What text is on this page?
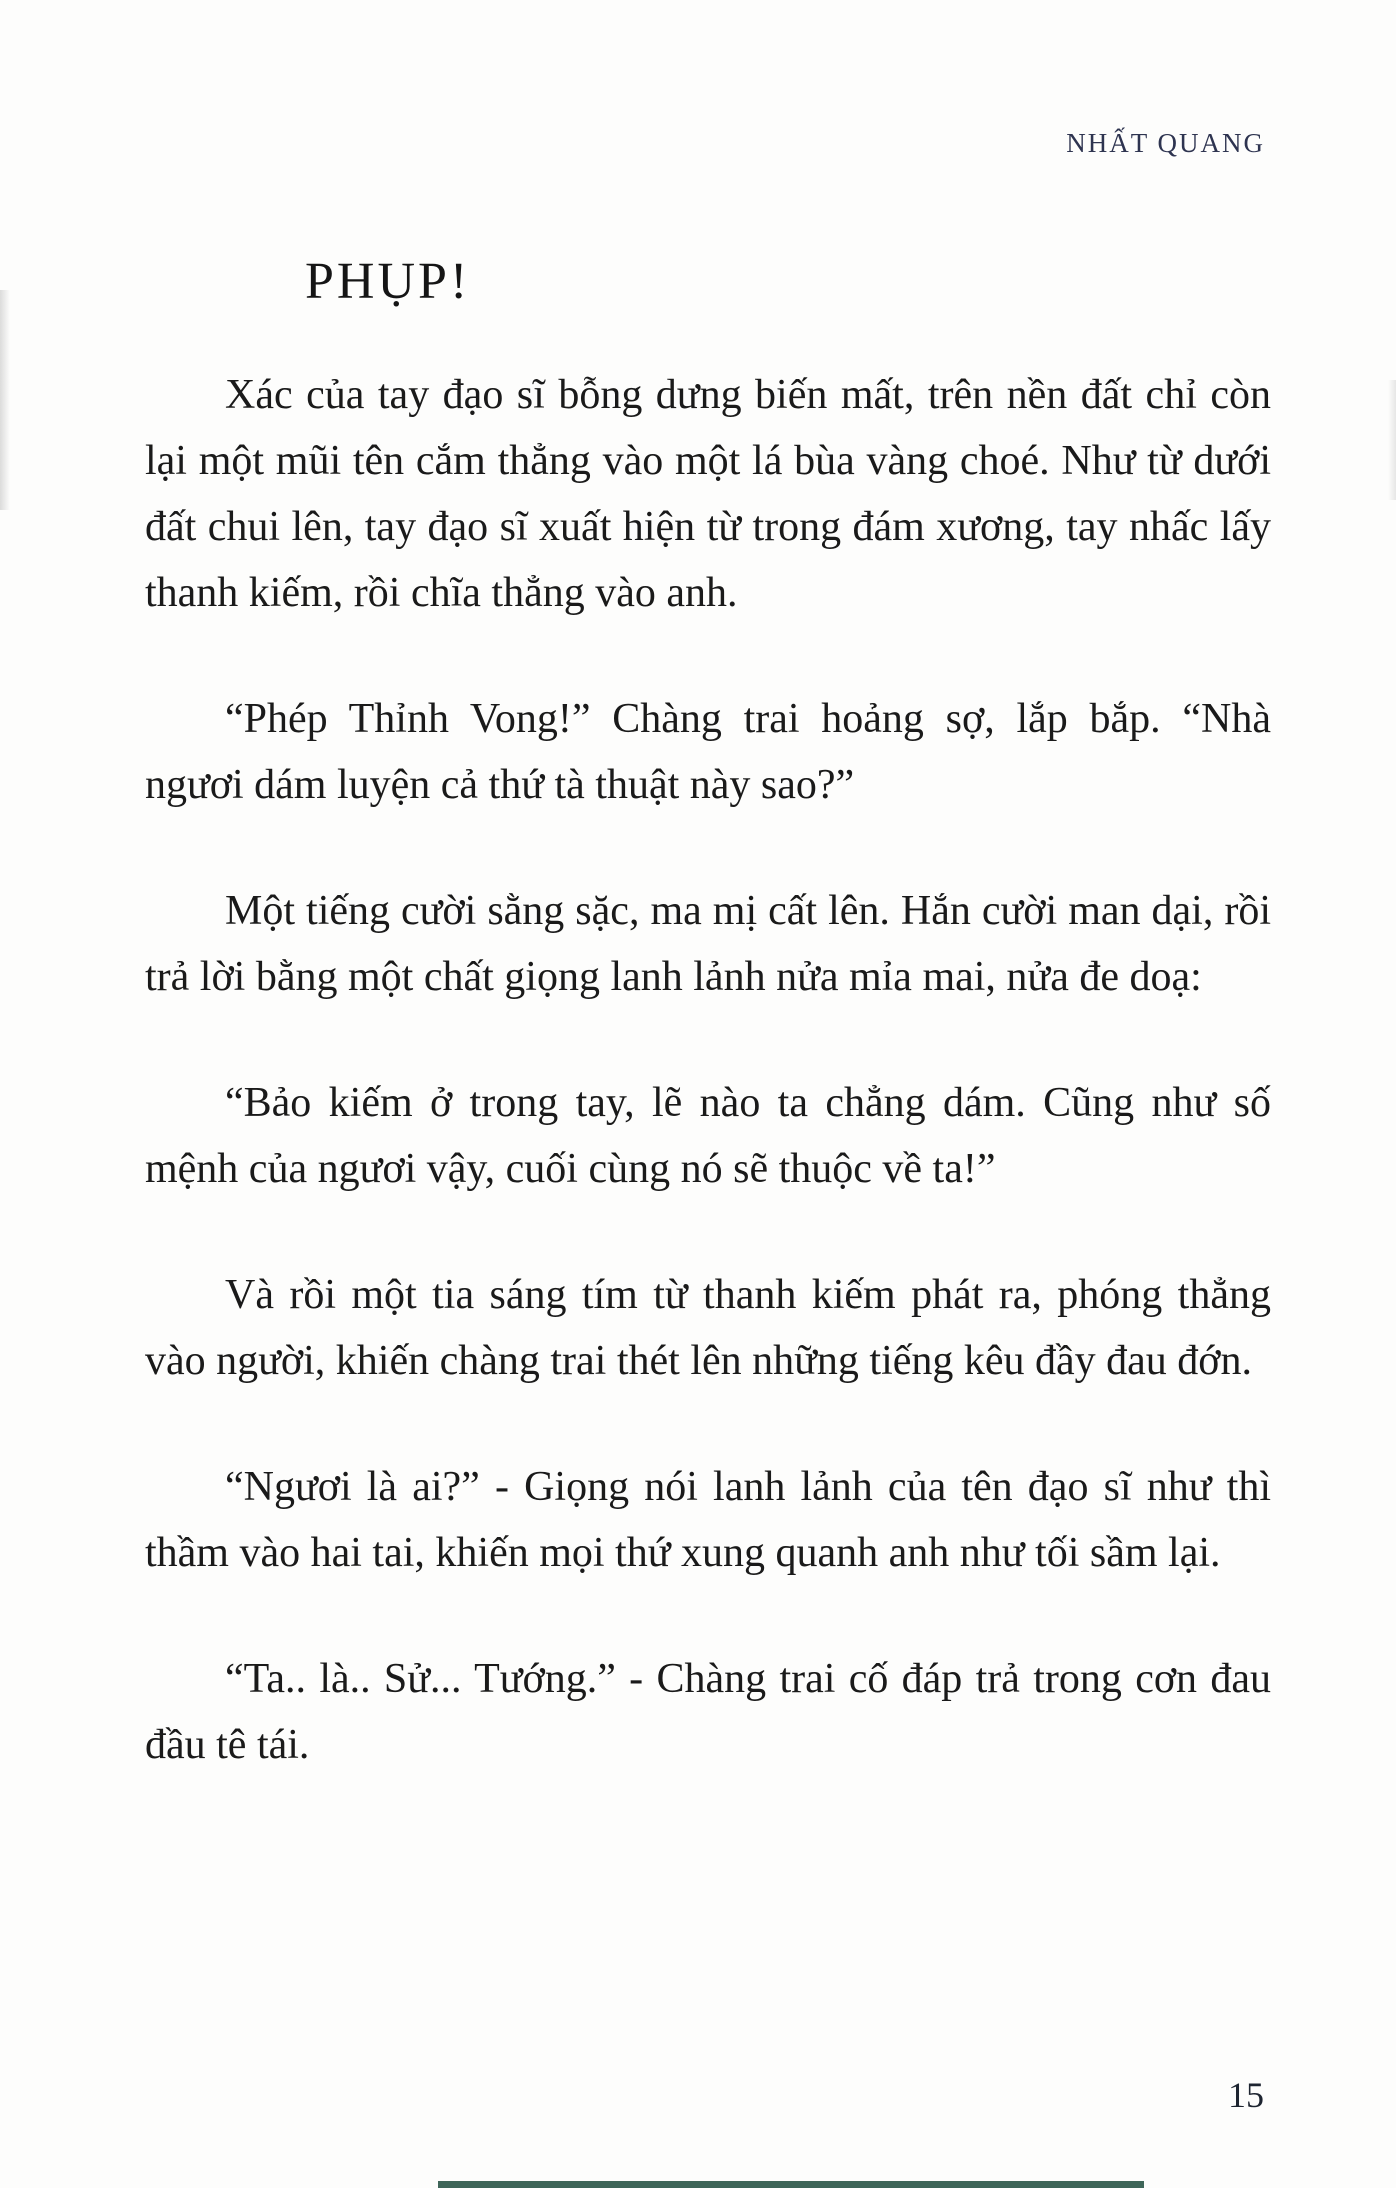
NHẤT QUANG
PHỤP!

Xác của tay đạo sĩ bỗng dưng biến mất, trên nền đất chỉ còn lại một mũi tên cắm thẳng vào một lá bùa vàng choé. Như từ dưới đất chui lên, tay đạo sĩ xuất hiện từ trong đám xương, tay nhấc lấy thanh kiếm, rồi chĩa thẳng vào anh.

“Phép Thỉnh Vong!” Chàng trai hoảng sợ, lắp bắp. “Nhà ngươi dám luyện cả thứ tà thuật này sao?”

Một tiếng cười sằng sặc, ma mị cất lên. Hắn cười man dại, rồi trả lời bằng một chất giọng lanh lảnh nửa mỉa mai, nửa đe doạ:

“Bảo kiếm ở trong tay, lẽ nào ta chẳng dám. Cũng như số mệnh của ngươi vậy, cuối cùng nó sẽ thuộc về ta!”

Và rồi một tia sáng tím từ thanh kiếm phát ra, phóng thẳng vào người, khiến chàng trai thét lên những tiếng kêu đầy đau đớn.

“Ngươi là ai?” - Giọng nói lanh lảnh của tên đạo sĩ như thì thầm vào hai tai, khiến mọi thứ xung quanh anh như tối sầm lại.

“Ta.. là.. Sử... Tướng.” - Chàng trai cố đáp trả trong cơn đau đầu tê tái.

15
